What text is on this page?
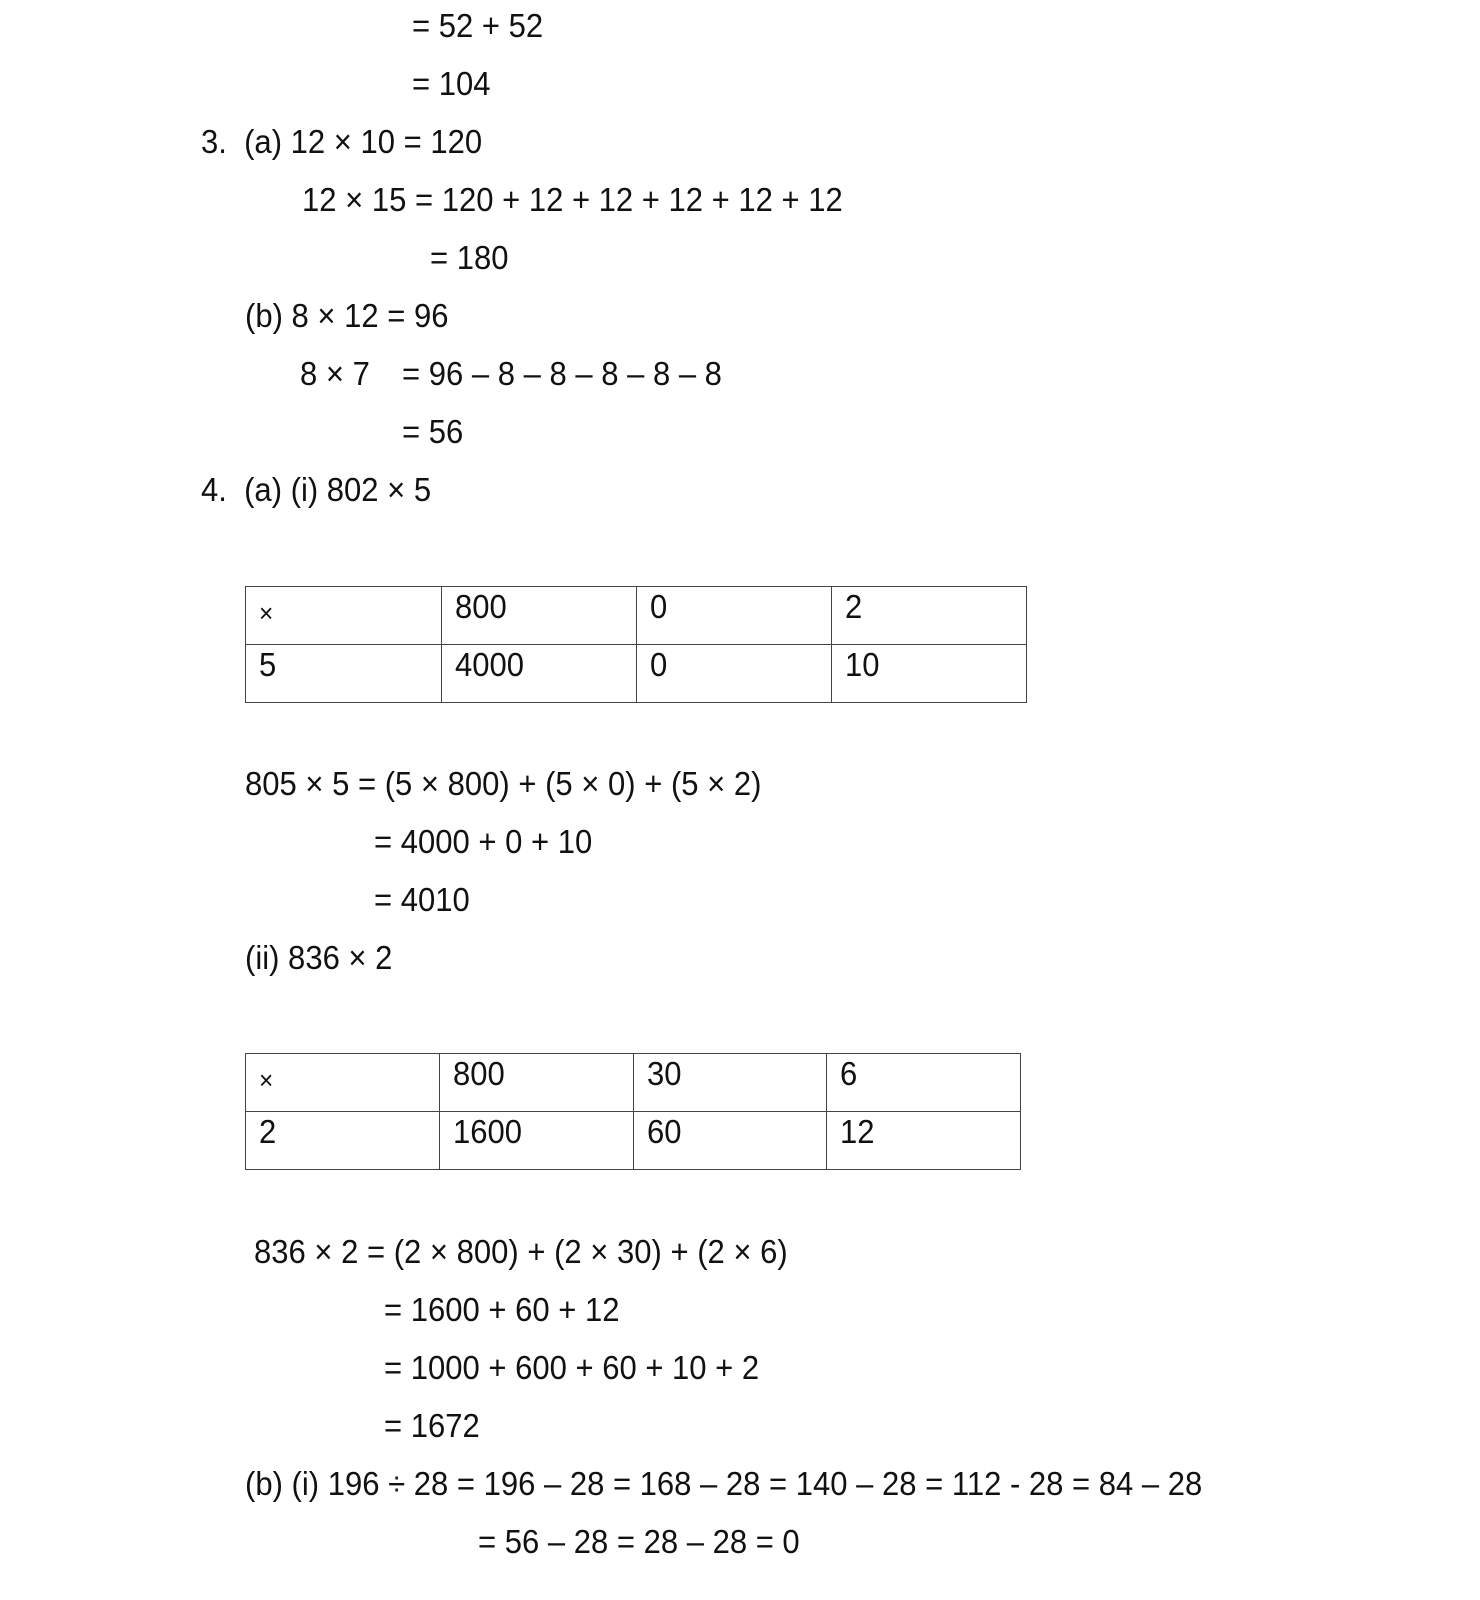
= 52 + 52
= 104
3.  (a) 12 × 10 = 120
12 × 15 = 120 + 12 + 12 + 12 + 12 + 12
= 180
(b) 8 × 12 = 96
8 × 7 = 96 – 8 – 8 – 8 – 8 – 8
= 56
4.  (a) (i) 802 × 5
×	800	0	2
5	4000	0	10
805 × 5 = (5 × 800) + (5 × 0) + (5 × 2)
= 4000 + 0 + 10
= 4010
(ii) 836 × 2
×	800	30	6
2	1600	60	12
836 × 2 = (2 × 800) + (2 × 30) + (2 × 6)
= 1600 + 60 + 12
= 1000 + 600 + 60 + 10 + 2
= 1672
(b) (i) 196 ÷ 28 = 196 – 28 = 168 – 28 = 140 – 28 = 112 - 28 = 84 – 28
= 56 – 28 = 28 – 28 = 0
